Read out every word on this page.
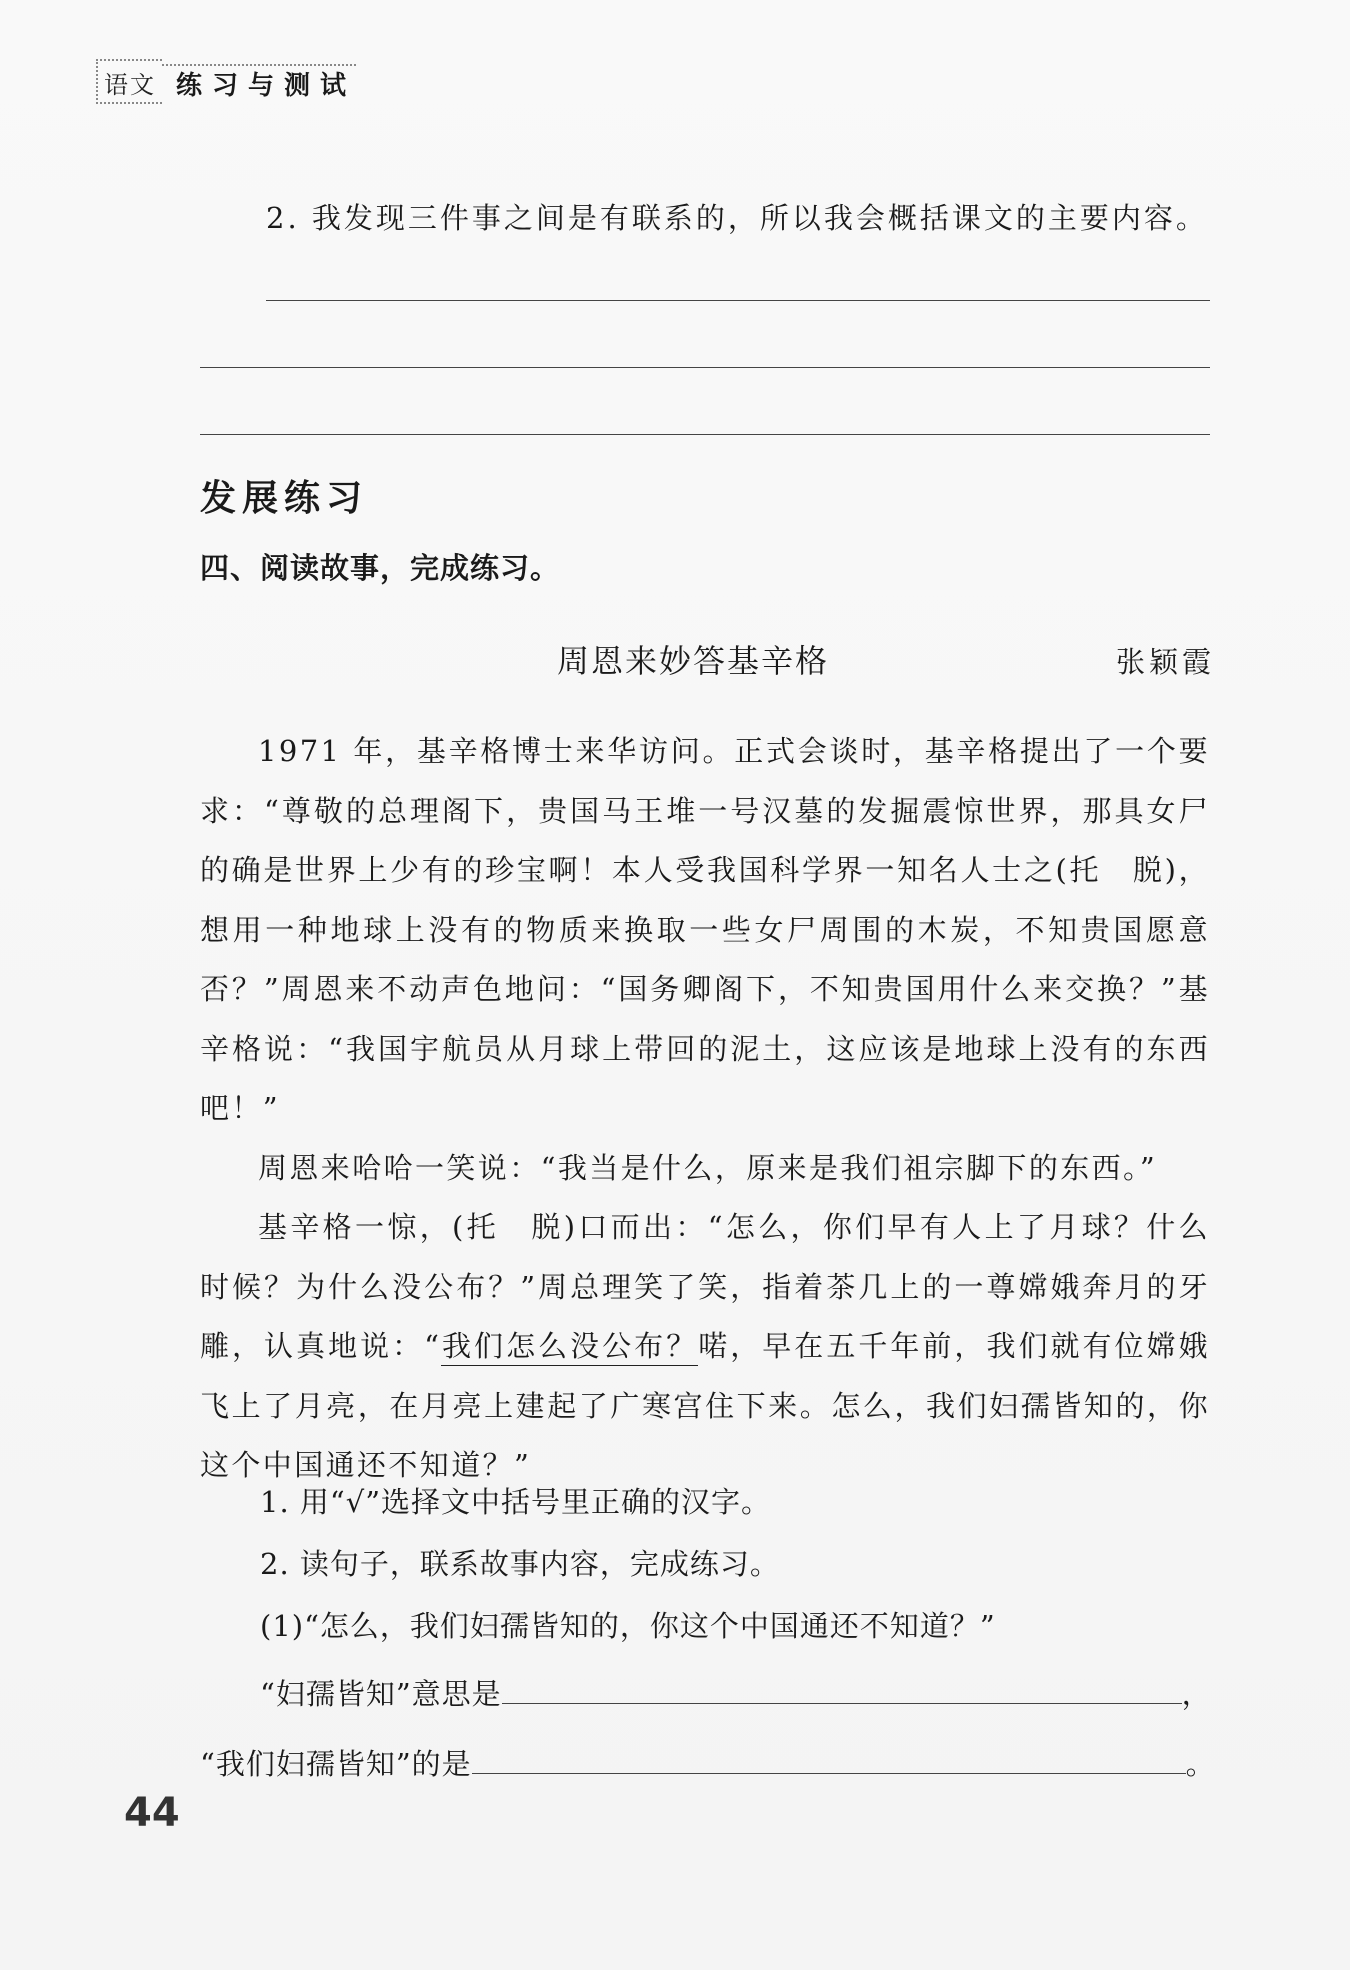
语文 练习与测试
2. 我发现三件事之间是有联系的，所以我会概括课文的主要内容。
发展练习
四、阅读故事，完成练习。
周恩来妙答基辛格	张颖霞

1971 年，基辛格博士来华访问。正式会谈时，基辛格提出了一个要求：“尊敬的总理阁下，贵国马王堆一号汉墓的发掘震惊世界，那具女尸的确是世界上少有的珍宝啊！本人受我国科学界一知名人士之(托　脱)，想用一种地球上没有的物质来换取一些女尸周围的木炭，不知贵国愿意否？”周恩来不动声色地问：“国务卿阁下，不知贵国用什么来交换？”基辛格说：“我国宇航员从月球上带回的泥土，这应该是地球上没有的东西吧！”

周恩来哈哈一笑说：“我当是什么，原来是我们祖宗脚下的东西。”

基辛格一惊，(托　脱)口而出：“怎么，你们早有人上了月球？什么时候？为什么没公布？”周总理笑了笑，指着茶几上的一尊嫦娥奔月的牙雕，认真地说：“我们怎么没公布？喏，早在五千年前，我们就有位嫦娥飞上了月亮，在月亮上建起了广寒宫住下来。怎么，我们妇孺皆知的，你这个中国通还不知道？”

1. 用“√”选择文中括号里正确的汉字。
2. 读句子，联系故事内容，完成练习。
(1)“怎么，我们妇孺皆知的，你这个中国通还不知道？”
“妇孺皆知”意思是	，
“我们妇孺皆知”的是	。
44
